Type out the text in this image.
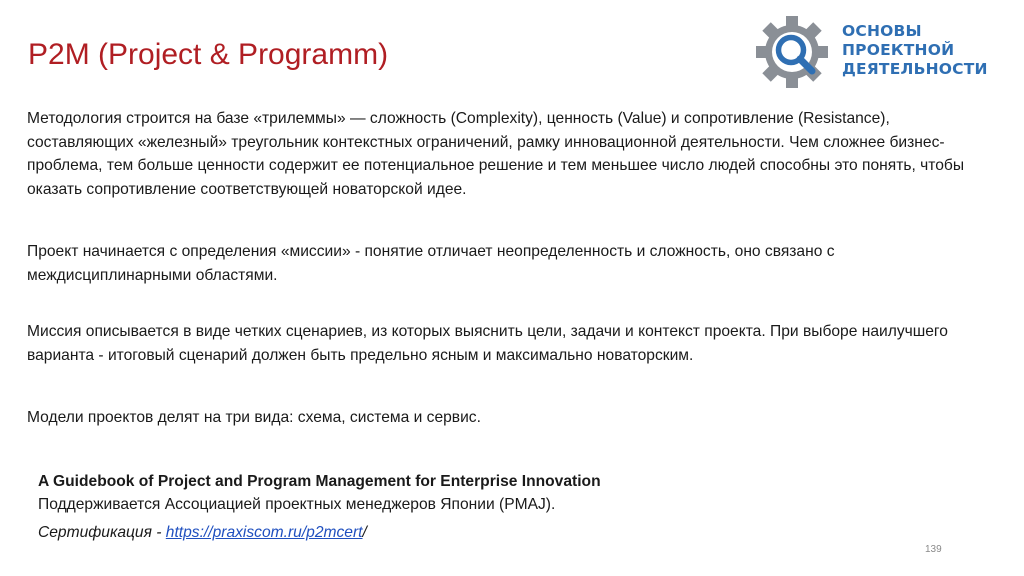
P2M (Project & Programm)
ОСНОВЫ
ПРОЕКТНОЙ
ДЕЯТЕЛЬНОСТИ

Методология строится на базе «трилеммы» — сложность (Complexity), ценность (Value) и сопротивление (Resistance), составляющих «железный» треугольник контекстных ограничений, рамку инновационной деятельности. Чем сложнее бизнес-проблема, тем больше ценности содержит ее потенциальное решение и тем меньшее число людей способны это понять, чтобы оказать сопротивление соответствующей новаторской идее.

Проект начинается с определения «миссии» - понятие отличает неопределенность и сложность, оно связано с междисциплинарными областями.

Миссия описывается в виде четких сценариев, из которых выяснить цели, задачи и контекст проекта. При выборе наилучшего варианта - итоговый сценарий должен быть предельно ясным и максимально новаторским.

Модели проектов делят на три вида: схема, система и сервис.

A Guidebook of Project and Program Management for Enterprise Innovation
Поддерживается Ассоциацией проектных менеджеров Японии (PMAJ).
Сертификация - https://praxiscom.ru/p2mcert/
139
